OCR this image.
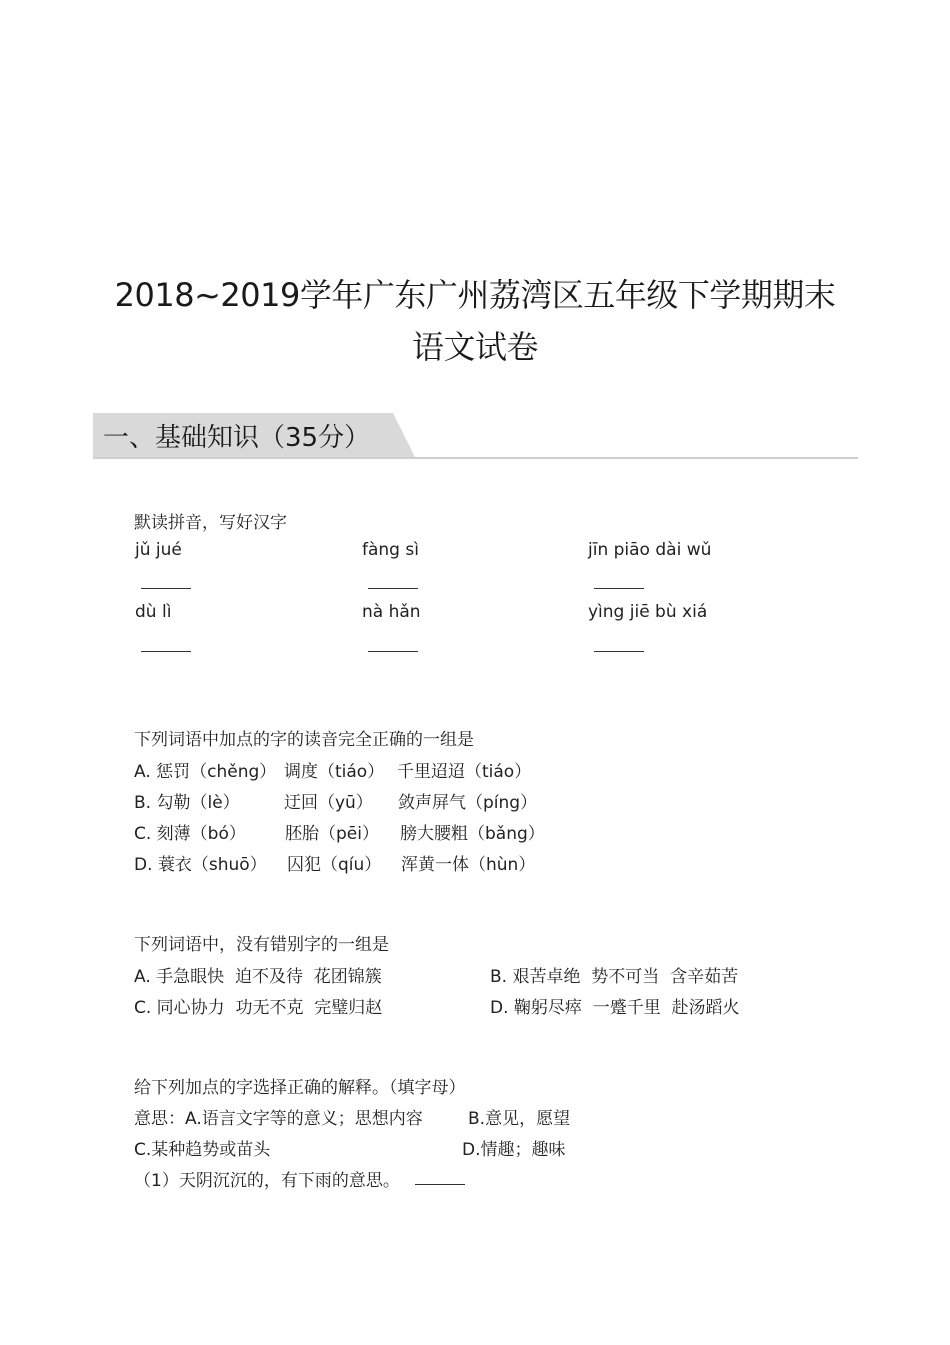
2018~2019学年广东广州荔湾区五年级下学期期末
语文试卷
一、基础知识（35分）
默读拼音，写好汉字
jǔ jué	fàng sì	jīn piāo dài wǔ
dù lì	nà hǎn	yìng jiē bù xiá
下列词语中加点的字的读音完全正确的一组是
A. 惩罚（chěng） 调度（tiáo） 千里迢迢（tiáo）
B. 勾勒（lè）	迂回（yū） 敛声屏气（píng）
C. 刻薄（bó） 胚胎（pēi） 膀大腰粗（bǎng）
D. 蓑衣（shuō） 囚犯（qíu） 浑黄一体（hùn）
下列词语中，没有错别字的一组是
A. 手急眼快  迫不及待  花团锦簇	B. 艰苦卓绝  势不可当  含辛茹苦
C. 同心协力  功无不克  完璧归赵	D. 鞠躬尽瘁  一蹙千里  赴汤蹈火
给下列加点的字选择正确的解释。（填字母）
意思：A.语言文字等的意义；思想内容	B.意见，愿望
C.某种趋势或苗头	D.情趣；趣味
（1）天阴沉沉的，有下雨的意思。
